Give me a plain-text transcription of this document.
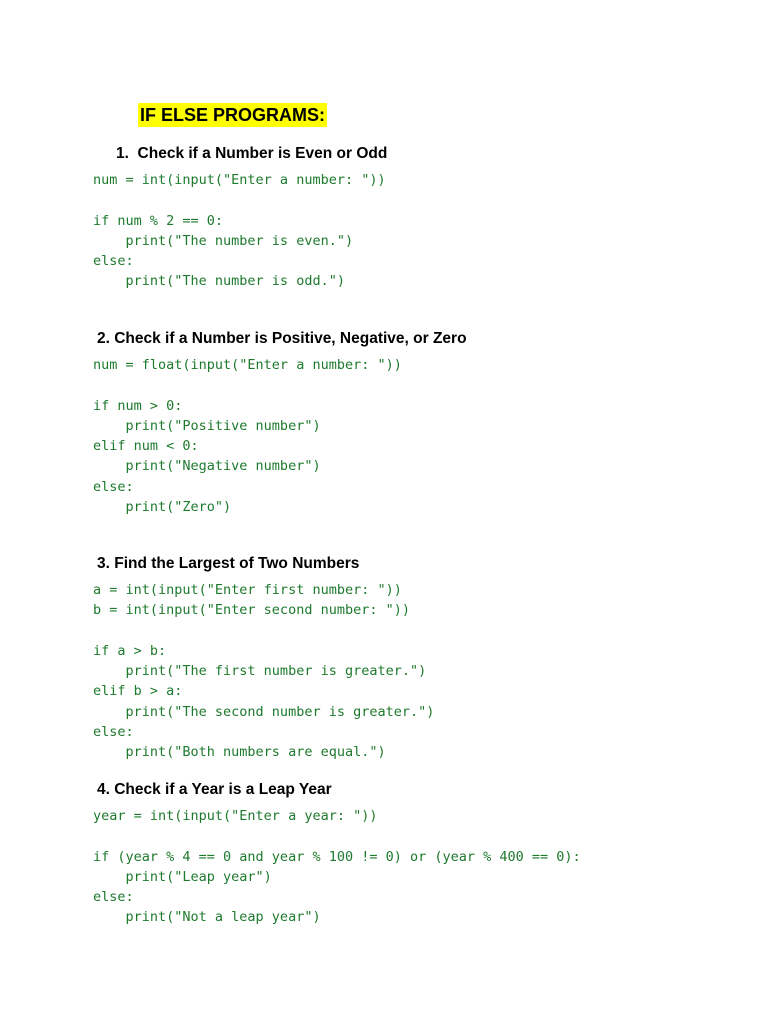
IF ELSE PROGRAMS:
1.  Check if a Number is Even or Odd
num = int(input("Enter a number: "))
if num % 2 == 0:
print("The number is even.")
else:
print("The number is odd.")
2. Check if a Number is Positive, Negative, or Zero
num = float(input("Enter a number: "))
if num > 0:
print("Positive number")
elif num < 0:
print("Negative number")
else:
print("Zero")
3. Find the Largest of Two Numbers
a = int(input("Enter first number: "))
b = int(input("Enter second number: "))
if a > b:
print("The first number is greater.")
elif b > a:
print("The second number is greater.")
else:
print("Both numbers are equal.")
4. Check if a Year is a Leap Year
year = int(input("Enter a year: "))
if (year % 4 == 0 and year % 100 != 0) or (year % 400 == 0):
print("Leap year")
else:
print("Not a leap year")
